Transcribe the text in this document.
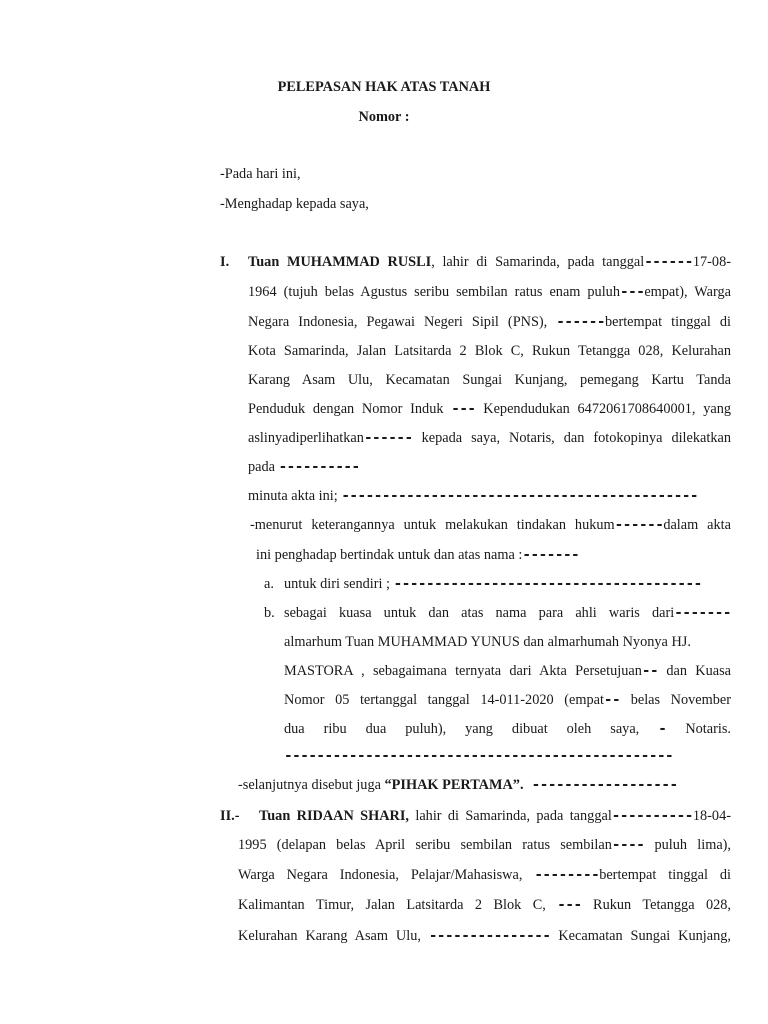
PELEPASAN HAK ATAS TANAH
Nomor :
-Pada hari ini,
-Menghadap kepada saya,
I. Tuan MUHAMMAD RUSLI, lahir di Samarinda, pada tanggal------17-08-
1964 (tujuh belas Agustus seribu sembilan ratus enam puluh---empat), Warga
Negara Indonesia, Pegawai Negeri Sipil (PNS), ------bertempat tinggal di
Kota Samarinda, Jalan Latsitarda 2 Blok C, Rukun Tetangga 028, Kelurahan
Karang Asam Ulu, Kecamatan Sungai Kunjang, pemegang Kartu Tanda
Penduduk dengan Nomor Induk --- Kependudukan 6472061708640001, yang
aslinyadiperlihatkan------ kepada saya, Notaris, dan fotokopinya dilekatkan
pada ----------
minuta akta ini; --------------------------------------------
-menurut keterangannya untuk melakukan tindakan hukum------dalam akta
ini penghadap bertindak untuk dan atas nama :-------
a. untuk diri sendiri ; --------------------------------------
b. sebagai kuasa untuk dan atas nama para ahli waris dari-------
almarhum Tuan MUHAMMAD YUNUS dan almarhumah Nyonya HJ.
MASTORA , sebagaimana ternyata dari Akta Persetujuan-- dan Kuasa
Nomor 05 tertanggal tanggal 14-011-2020 (empat-- belas November
dua ribu dua puluh), yang dibuat oleh saya, - Notaris.
------------------------------------------------
-selanjutnya disebut juga “PIHAK PERTAMA”. ------------------
II.- Tuan RIDAAN SHARI, lahir di Samarinda, pada tanggal----------18-04-
1995 (delapan belas April seribu sembilan ratus sembilan---- puluh lima),
Warga Negara Indonesia, Pelajar/Mahasiswa, --------bertempat tinggal di
Kalimantan Timur, Jalan Latsitarda 2 Blok C, --- Rukun Tetangga 028,
Kelurahan Karang Asam Ulu, --------------- Kecamatan Sungai Kunjang,
